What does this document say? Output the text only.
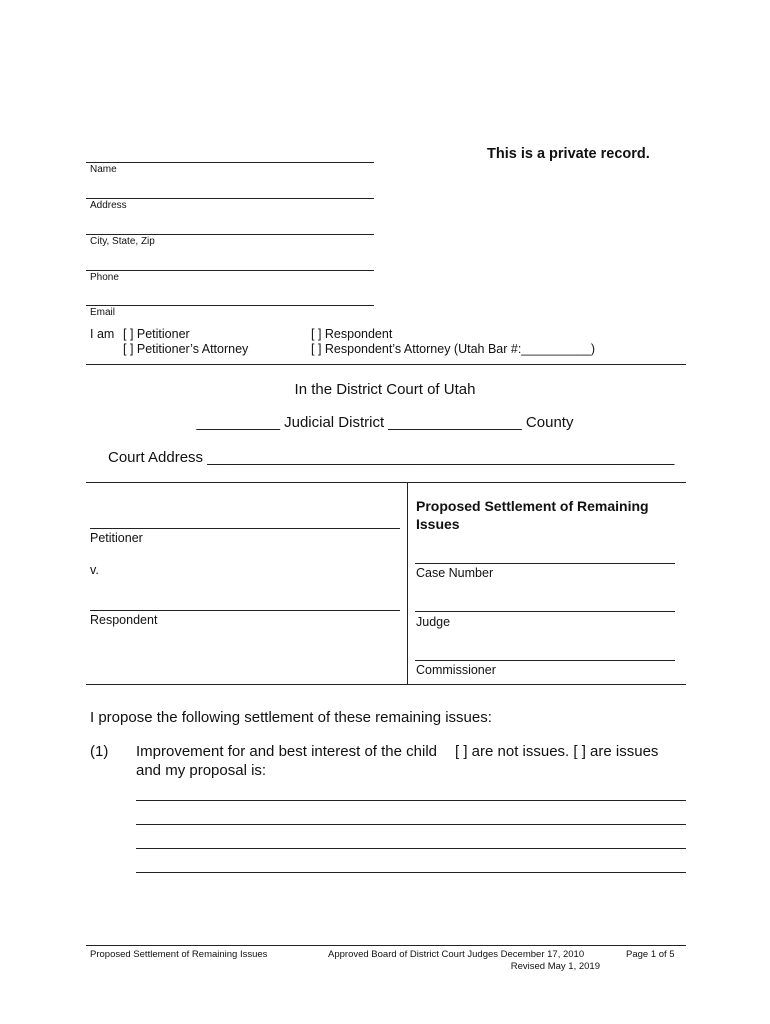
This is a private record.
Name
Address
City, State, Zip
Phone
Email
I am [ ] Petitioner
[ ] Petitioner’s Attorney
[ ] Respondent
[ ] Respondent’s Attorney (Utah Bar #:__________)
In the District Court of Utah
__________ Judicial District ________________ County
Court Address ________________________________________________________
Petitioner
v.
Respondent
Proposed Settlement of Remaining
Issues
Case Number
Judge
Commissioner
I propose the following settlement of these remaining issues:
(1) Improvement for and best interest of the child [ ] are not issues. [ ] are issues
and my proposal is:
Proposed Settlement of Remaining Issues	Approved Board of District Court Judges December 17, 2010
Revised May 1, 2019
Page 1 of 5
